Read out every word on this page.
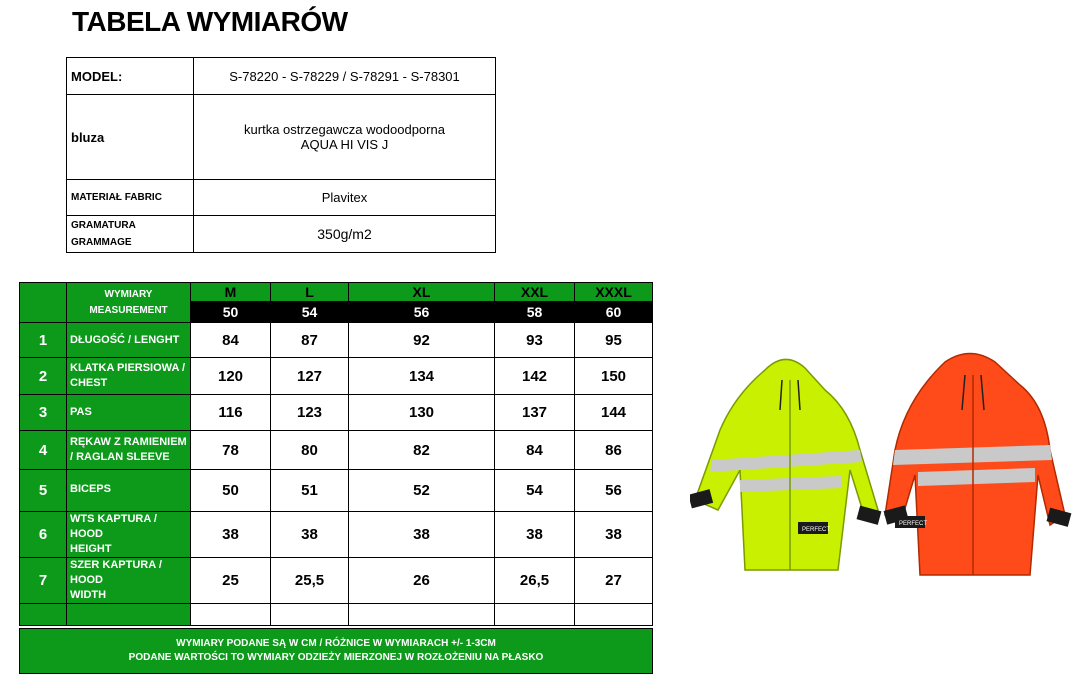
TABELA WYMIARÓW
MODEL:	S-78220 - S-78229 / S-78291 - S-78301
bluza	kurtka ostrzegawcza wodoodporna
AQUA HI VIS J

MATERIAŁ FABRIC	Plavitex

GRAMATURA
GRAMMAGE	350g/m2

	WYMIARY
MEASUREMENT	M	L	XL	XXL	XXXL
		50	54	56	58	60
1	DŁUGOŚĆ / LENGHT	84	87	92	93	95
2	KLATKA PIERSIOWA /
CHEST	120	127	134	142	150
3	PAS	116	123	130	137	144
4	RĘKAW Z RAMIENIEM
/ RAGLAN SLEEVE	78	80	82	84	86
5	BICEPS	50	51	52	54	56
6	WTS KAPTURA / HOOD
HEIGHT	38	38	38	38	38
7	SZER KAPTURA / HOOD
WIDTH	25	25,5	26	26,5	27

WYMIARY PODANE SĄ W CM / RÓŻNICE W WYMIARACH +/- 1-3CM
PODANE WARTOŚCI TO WYMIARY ODZIEŻY MIERZONEJ W ROZŁOŻENIU NA PŁASKO
PERFECT
PERFECT
